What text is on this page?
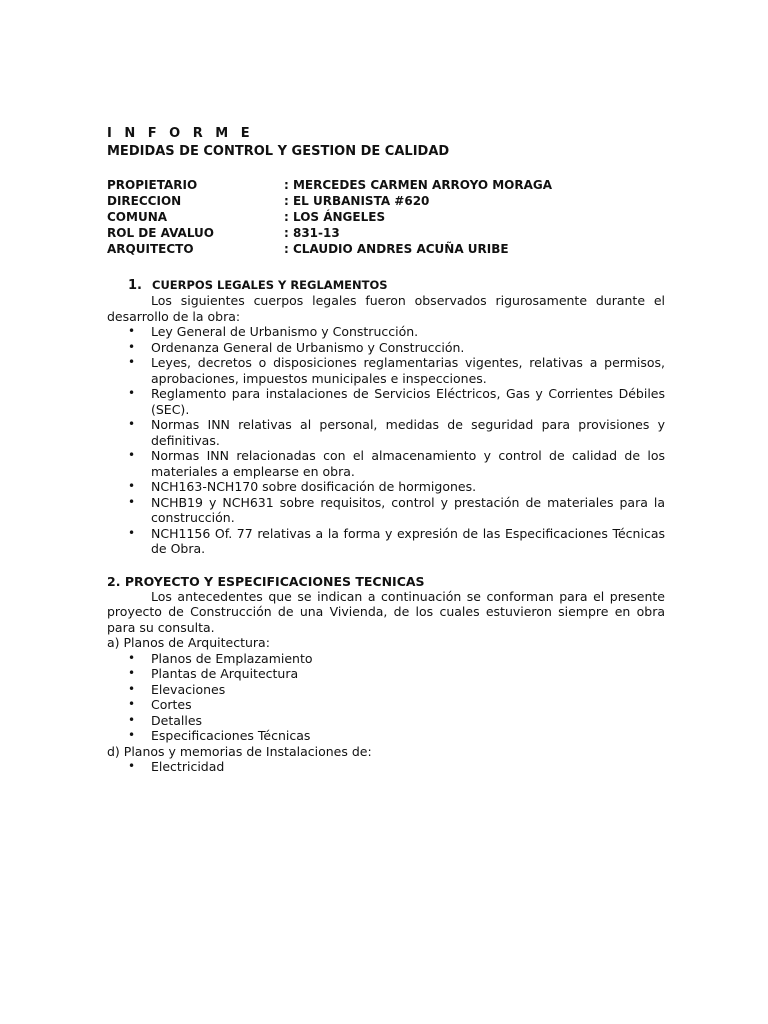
I N F O R M E
MEDIDAS DE CONTROL Y GESTION DE CALIDAD
PROPIETARIO	: MERCEDES CARMEN ARROYO MORAGA
DIRECCION	: EL URBANISTA #620
COMUNA	: LOS ÁNGELES
ROL DE AVALUO	: 831-13
ARQUITECTO	: CLAUDIO ANDRES ACUÑA URIBE
1. CUERPOS LEGALES Y REGLAMENTOS

Los siguientes cuerpos legales fueron observados rigurosamente durante el desarrollo de la obra:

• Ley General de Urbanismo y Construcción.
• Ordenanza General de Urbanismo y Construcción.
• Leyes, decretos o disposiciones reglamentarias vigentes, relativas a permisos, aprobaciones, impuestos municipales e inspecciones.
• Reglamento para instalaciones de Servicios Eléctricos, Gas y Corrientes Débiles (SEC).
• Normas INN relativas al personal, medidas de seguridad para provisiones y definitivas.
• Normas INN relacionadas con el almacenamiento y control de calidad de los materiales a emplearse en obra.
• NCH163-NCH170 sobre dosificación de hormigones.
• NCHB19 y NCH631 sobre requisitos, control y prestación de materiales para la construcción.
• NCH1156 Of. 77 relativas a la forma y expresión de las Especificaciones Técnicas de Obra.
2. PROYECTO Y ESPECIFICACIONES TECNICAS

Los antecedentes que se indican a continuación se conforman para el presente proyecto de Construcción de una Vivienda, de los cuales estuvieron siempre en obra para su consulta.

a) Planos de Arquitectura:

• Planos de Emplazamiento
• Plantas de Arquitectura
• Elevaciones
• Cortes
• Detalles
• Especificaciones Técnicas

d) Planos y memorias de Instalaciones de:

• Electricidad
